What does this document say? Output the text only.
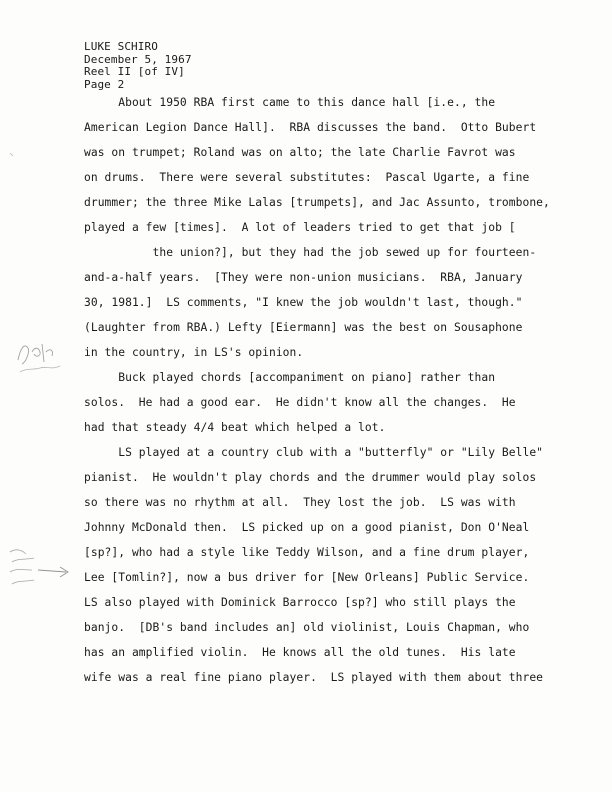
LUKE SCHIRO
December 5, 1967
Reel II [of IV]
Page 2
About 1950 RBA first came to this dance hall [i.e., the
American Legion Dance Hall].  RBA discusses the band.  Otto Bubert
was on trumpet; Roland was on alto; the late Charlie Favrot was
on drums.  There were several substitutes:  Pascal Ugarte, a fine
drummer; the three Mike Lalas [trumpets], and Jac Assunto, trombone,
played a few [times].  A lot of leaders tried to get that job [
the union?], but they had the job sewed up for fourteen-
and-a-half years.  [They were non-union musicians.  RBA, January
30, 1981.]  LS comments, "I knew the job wouldn't last, though."
(Laughter from RBA.) Lefty [Eiermann] was the best on Sousaphone
in the country, in LS's opinion.
Buck played chords [accompaniment on piano] rather than
solos.  He had a good ear.  He didn't know all the changes.  He
had that steady 4/4 beat which helped a lot.
LS played at a country club with a "butterfly" or "Lily Belle"
pianist.  He wouldn't play chords and the drummer would play solos
so there was no rhythm at all.  They lost the job.  LS was with
Johnny McDonald then.  LS picked up on a good pianist, Don O'Neal
[sp?], who had a style like Teddy Wilson, and a fine drum player,
Lee [Tomlin?], now a bus driver for [New Orleans] Public Service.
LS also played with Dominick Barrocco [sp?] who still plays the
banjo.  [DB's band includes an] old violinist, Louis Chapman, who
has an amplified violin.  He knows all the old tunes.  His late
wife was a real fine piano player.  LS played with them about three
